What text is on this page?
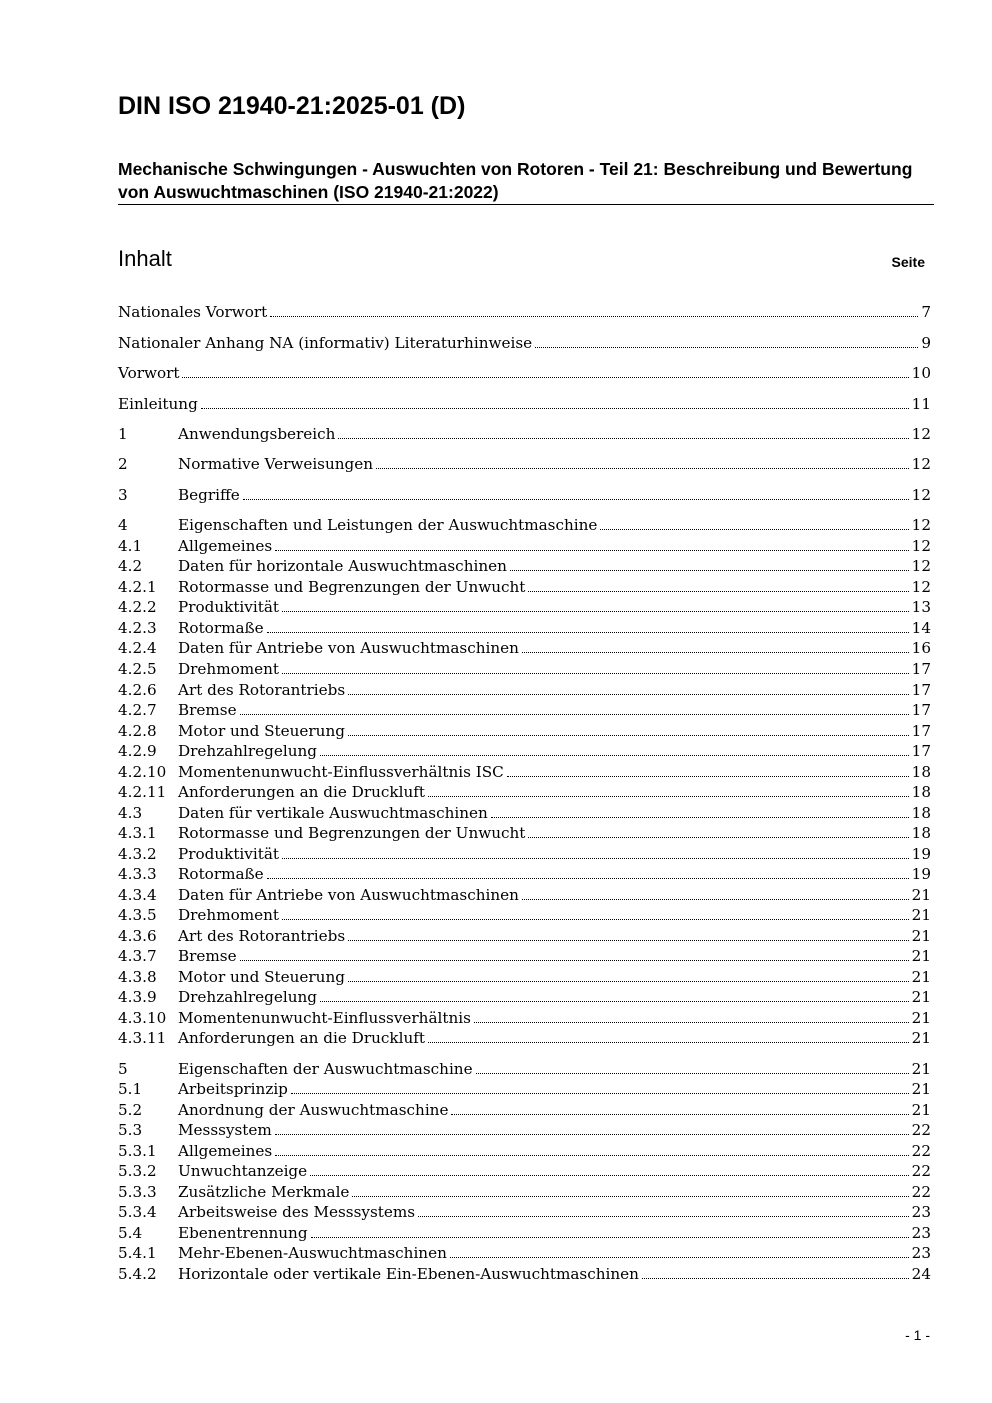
DIN ISO 21940-21:2025-01 (D)
Mechanische Schwingungen - Auswuchten von Rotoren - Teil 21: Beschreibung und Bewertung von Auswuchtmaschinen (ISO 21940-21:2022)
Inhalt	Seite
Nationales Vorwort	7
Nationaler Anhang NA (informativ) Literaturhinweise	9
Vorwort	10
Einleitung	11
1	Anwendungsbereich	12
2	Normative Verweisungen	12
3	Begriffe	12
4	Eigenschaften und Leistungen der Auswuchtmaschine	12
4.1	Allgemeines	12
4.2	Daten für horizontale Auswuchtmaschinen	12
4.2.1	Rotormasse und Begrenzungen der Unwucht	12
4.2.2	Produktivität	13
4.2.3	Rotormaße	14
4.2.4	Daten für Antriebe von Auswuchtmaschinen	16
4.2.5	Drehmoment	17
4.2.6	Art des Rotorantriebs	17
4.2.7	Bremse	17
4.2.8	Motor und Steuerung	17
4.2.9	Drehzahlregelung	17
4.2.10 Momentenunwucht-Einflussverhältnis ISC	18
4.2.11 Anforderungen an die Druckluft	18
4.3	Daten für vertikale Auswuchtmaschinen	18
4.3.1	Rotormasse und Begrenzungen der Unwucht	18
4.3.2	Produktivität	19
4.3.3	Rotormaße	19
4.3.4	Daten für Antriebe von Auswuchtmaschinen	21
4.3.5	Drehmoment	21
4.3.6	Art des Rotorantriebs	21
4.3.7	Bremse	21
4.3.8	Motor und Steuerung	21
4.3.9	Drehzahlregelung	21
4.3.10 Momentenunwucht-Einflussverhältnis	21
4.3.11 Anforderungen an die Druckluft	21
5	Eigenschaften der Auswuchtmaschine	21
5.1	Arbeitsprinzip	21
5.2	Anordnung der Auswuchtmaschine	21
5.3	Messsystem	22
5.3.1	Allgemeines	22
5.3.2	Unwuchtanzeige	22
5.3.3	Zusätzliche Merkmale	22
5.3.4	Arbeitsweise des Messsystems	23
5.4	Ebenentrennung	23
5.4.1	Mehr-Ebenen-Auswuchtmaschinen	23
5.4.2	Horizontale oder vertikale Ein-Ebenen-Auswuchtmaschinen	24
- 1 -
